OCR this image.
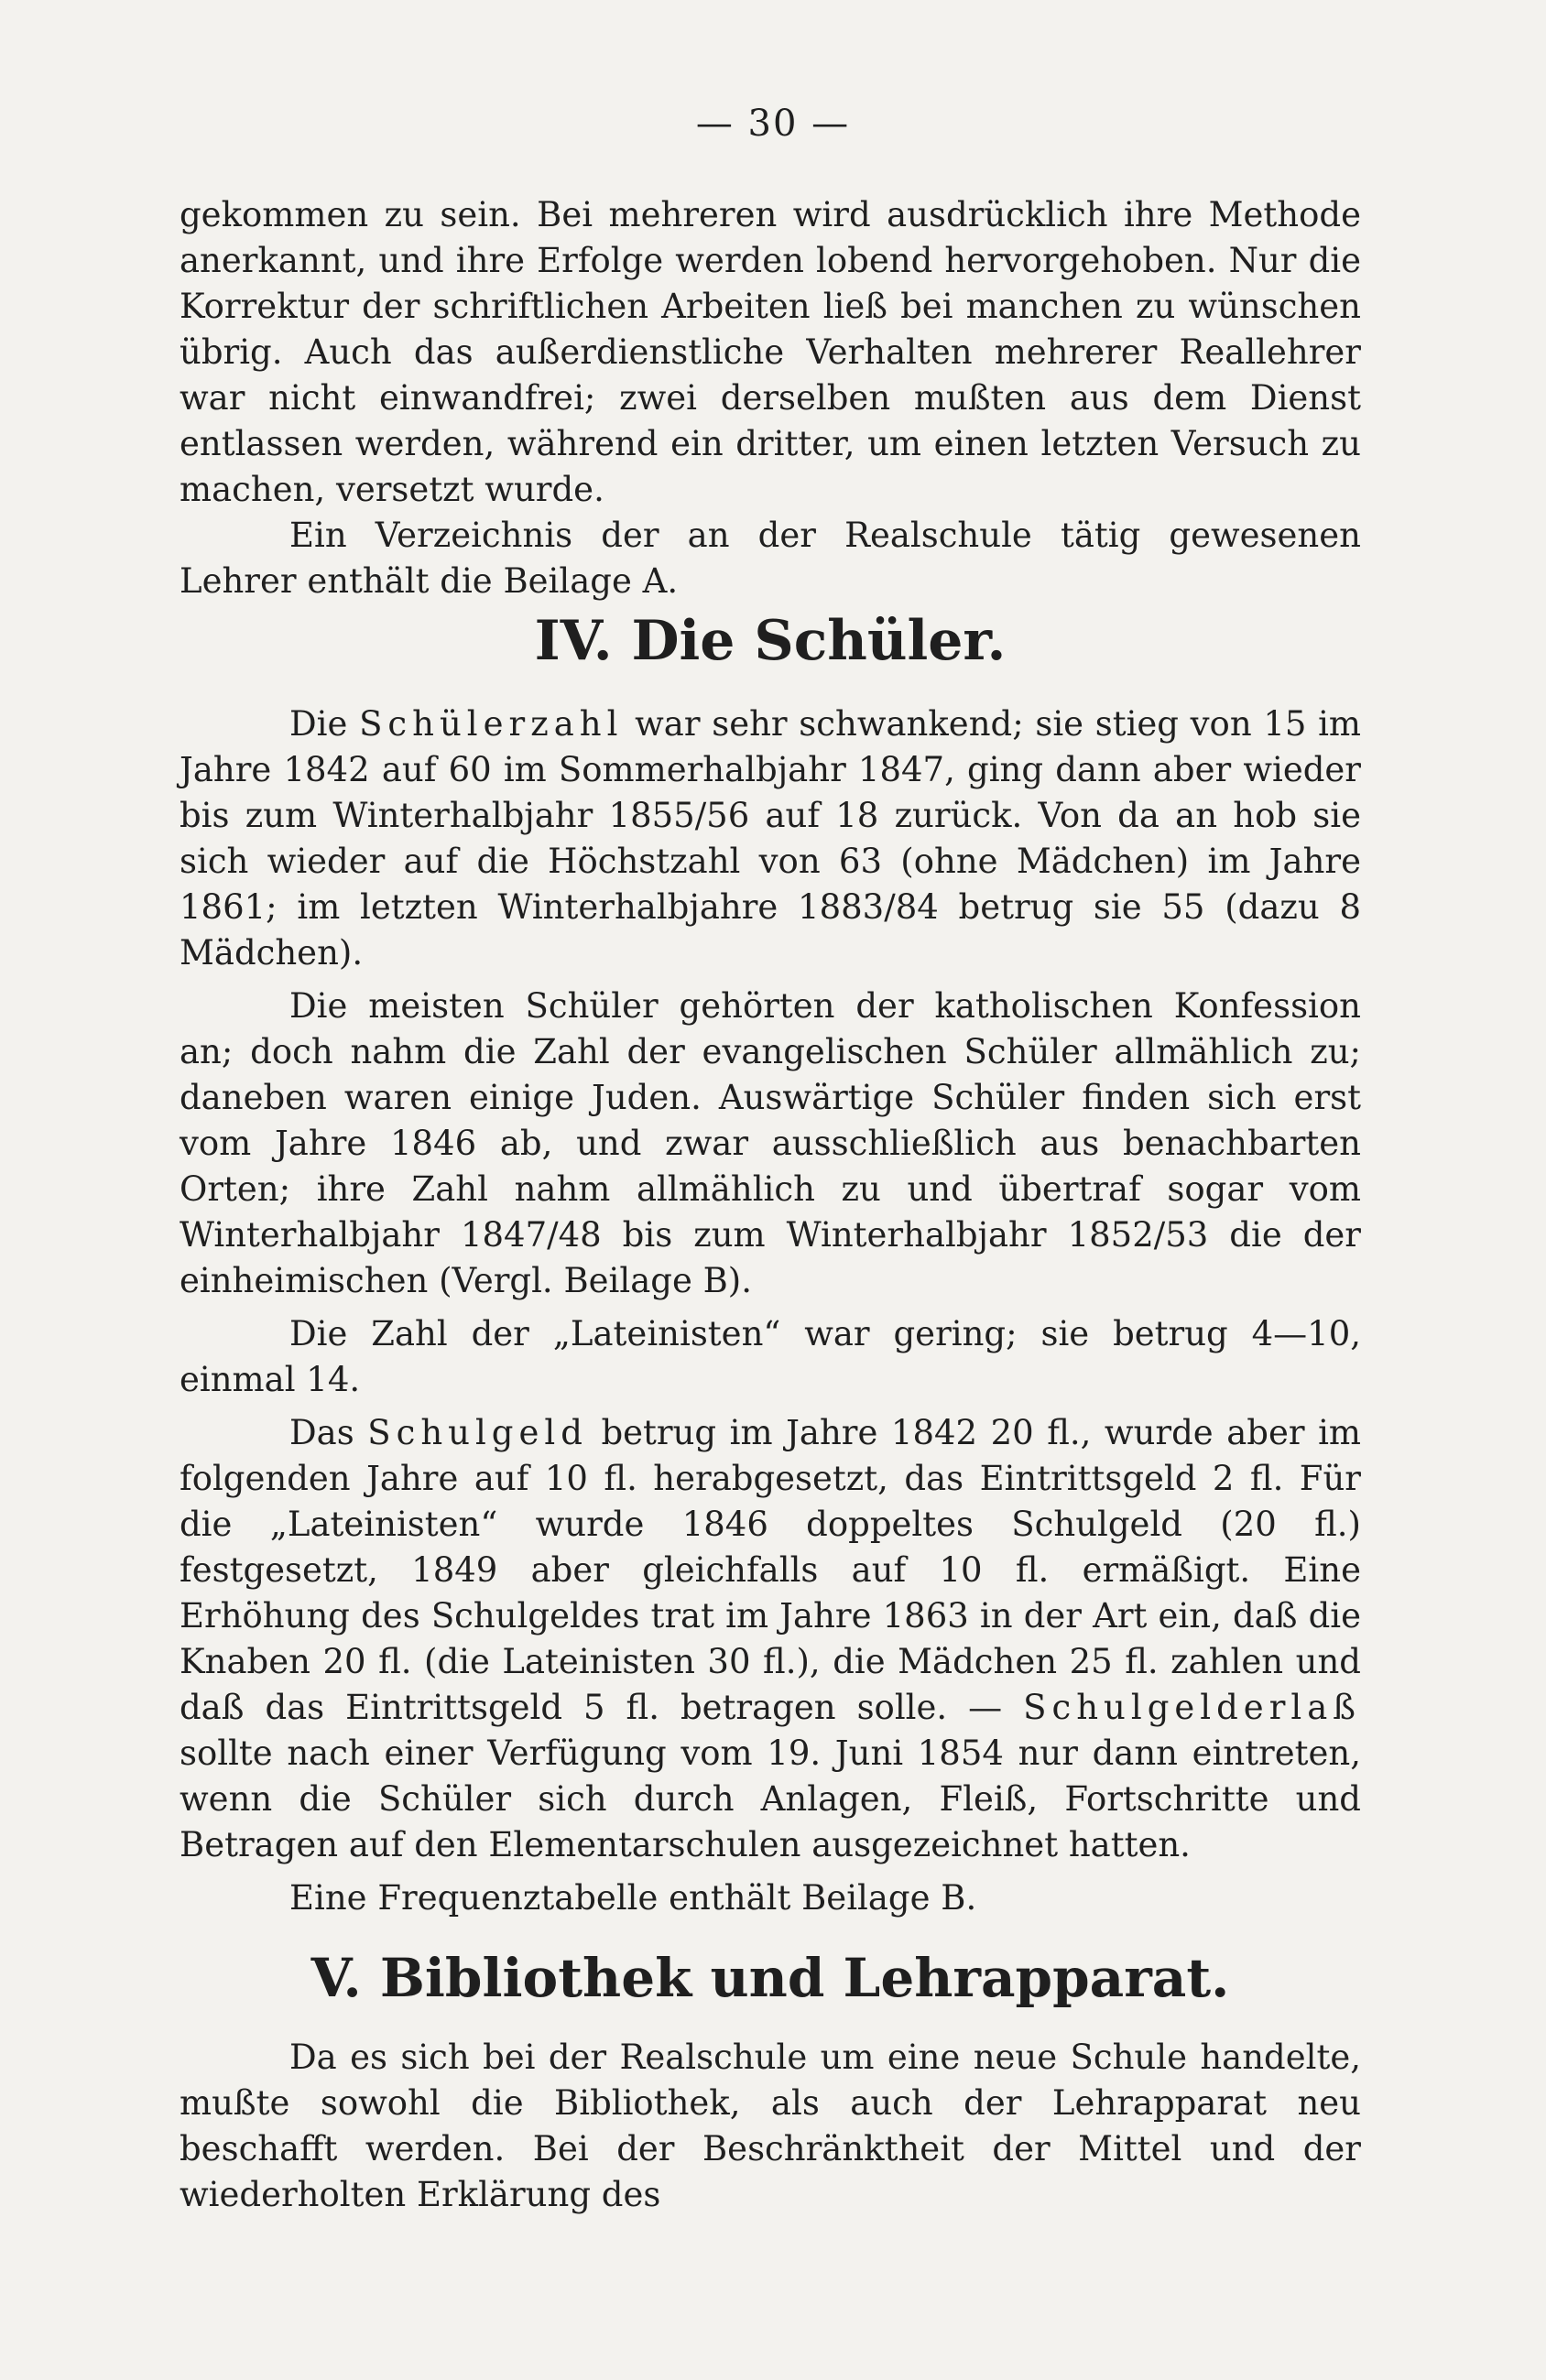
— 30 —

gekommen zu sein. Bei mehreren wird ausdrücklich ihre Methode anerkannt, und ihre Erfolge werden lobend hervorgehoben. Nur die Korrektur der schriftlichen Arbeiten ließ bei manchen zu wünschen übrig. Auch das außerdienstliche Verhalten mehrerer Reallehrer war nicht einwandfrei; zwei derselben mußten aus dem Dienst entlassen werden, während ein dritter, um einen letzten Versuch zu machen, versetzt wurde.

Ein Verzeichnis der an der Realschule tätig gewesenen Lehrer enthält die Beilage A.

IV. Die Schüler.

Die Schülerzahl war sehr schwankend; sie stieg von 15 im Jahre 1842 auf 60 im Sommerhalbjahr 1847, ging dann aber wieder bis zum Winterhalbjahr 1855/56 auf 18 zurück. Von da an hob sie sich wieder auf die Höchstzahl von 63 (ohne Mädchen) im Jahre 1861; im letzten Winterhalbjahre 1883/84 betrug sie 55 (dazu 8 Mädchen).

Die meisten Schüler gehörten der katholischen Konfession an; doch nahm die Zahl der evangelischen Schüler allmählich zu; daneben waren einige Juden. Auswärtige Schüler finden sich erst vom Jahre 1846 ab, und zwar ausschließlich aus benachbarten Orten; ihre Zahl nahm allmählich zu und übertraf sogar vom Winterhalbjahr 1847/48 bis zum Winterhalbjahr 1852/53 die der einheimischen (Vergl. Beilage B).

Die Zahl der „Lateinisten“ war gering; sie betrug 4—10, einmal 14.

Das Schulgeld betrug im Jahre 1842 20 fl., wurde aber im folgenden Jahre auf 10 fl. herabgesetzt, das Eintrittsgeld 2 fl. Für die „Lateinisten“ wurde 1846 doppeltes Schulgeld (20 fl.) festgesetzt, 1849 aber gleichfalls auf 10 fl. ermäßigt. Eine Erhöhung des Schulgeldes trat im Jahre 1863 in der Art ein, daß die Knaben 20 fl. (die Lateinisten 30 fl.), die Mädchen 25 fl. zahlen und daß das Eintrittsgeld 5 fl. betragen solle. — Schulgelderlaß sollte nach einer Verfügung vom 19. Juni 1854 nur dann eintreten, wenn die Schüler sich durch Anlagen, Fleiß, Fortschritte und Betragen auf den Elementarschulen ausgezeichnet hatten.

Eine Frequenztabelle enthält Beilage B.

V. Bibliothek und Lehrapparat.

Da es sich bei der Realschule um eine neue Schule handelte, mußte sowohl die Bibliothek, als auch der Lehrapparat neu beschafft werden. Bei der Beschränktheit der Mittel und der wiederholten Erklärung des
